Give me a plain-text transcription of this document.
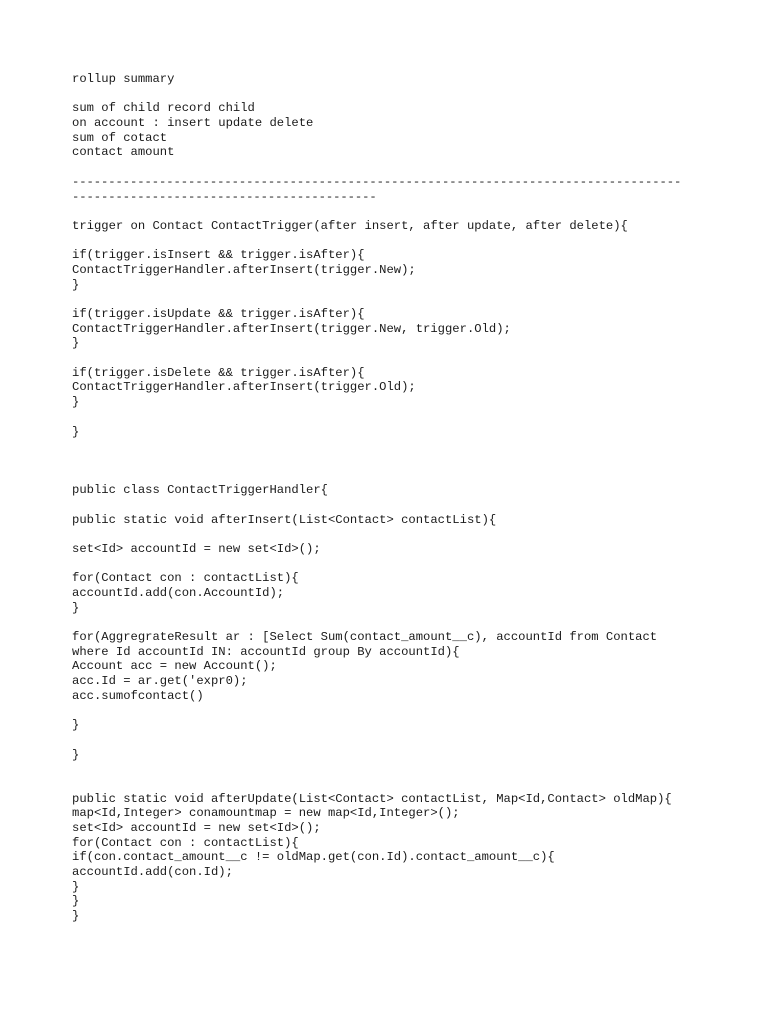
rollup summary
sum of child record child
on account : insert update delete
sum of cotact
contact amount
------------------------------------------------------------------------------------
------------------------------------------
trigger on Contact ContactTrigger(after insert, after update, after delete){
if(trigger.isInsert && trigger.isAfter){
ContactTriggerHandler.afterInsert(trigger.New);
}
if(trigger.isUpdate && trigger.isAfter){
ContactTriggerHandler.afterInsert(trigger.New, trigger.Old);
}
if(trigger.isDelete && trigger.isAfter){
ContactTriggerHandler.afterInsert(trigger.Old);
}
}
public class ContactTriggerHandler{
public static void afterInsert(List<Contact> contactList){
set<Id> accountId = new set<Id>();
for(Contact con : contactList){
accountId.add(con.AccountId);
}
for(AggregrateResult ar : [Select Sum(contact_amount__c), accountId from Contact
where Id accountId IN: accountId group By accountId){
Account acc = new Account();
acc.Id = ar.get('expr0);
acc.sumofcontact()
}
}
public static void afterUpdate(List<Contact> contactList, Map<Id,Contact> oldMap){
map<Id,Integer> conamountmap = new map<Id,Integer>();
set<Id> accountId = new set<Id>();
for(Contact con : contactList){
if(con.contact_amount__c != oldMap.get(con.Id).contact_amount__c){
accountId.add(con.Id);
}
}
}
